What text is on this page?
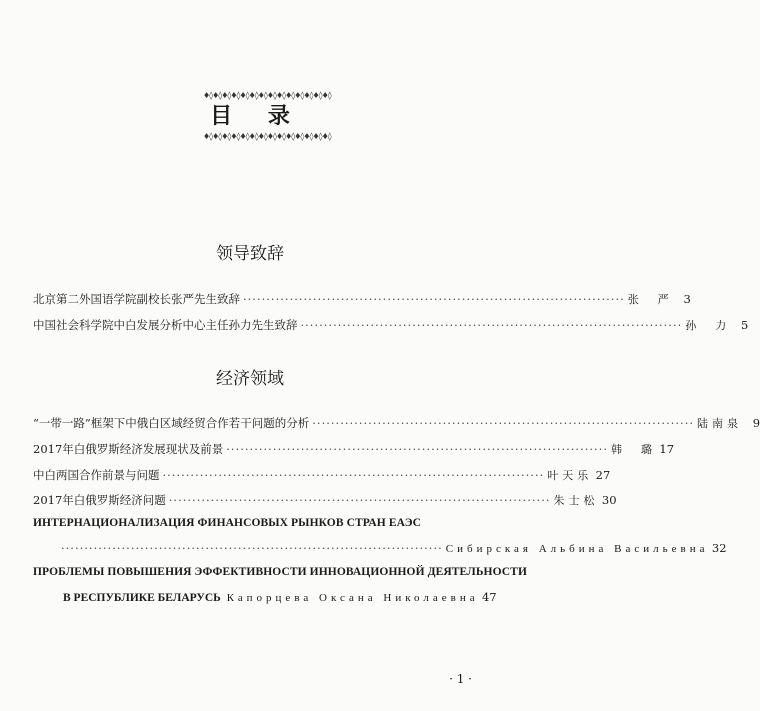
♦◊♦◊♦◊♦◊♦◊♦◊♦◊♦◊♦◊♦◊♦◊♦◊♦◊♦◊
目 录
♦◊♦◊♦◊♦◊♦◊♦◊♦◊♦◊♦◊♦◊♦◊♦◊♦◊♦◊
领导致辞
北京第二外国语学院副校长张严先生致辞 ·················································································· 张　严 3
中国社会科学院中白发展分析中心主任孙力先生致辞 ·················································································· 孙　力 5
经济领域
“一带一路”框架下中俄白区域经贸合作若干问题的分析 ·················································································· 陆南泉 9
2017年白俄罗斯经济发展现状及前景 ·················································································· 韩　璐 17
中白两国合作前景与问题 ·················································································· 叶天乐 27
2017年白俄罗斯经济问题 ·················································································· 朱士松 30
ИНТЕРНАЦИОНАЛИЗАЦИЯ ФИНАНСОВЫХ РЫНКОВ СТРАН ЕАЭС
·················································································· Сибирская Альбина Васильевна 32
ПРОБЛЕМЫ ПОВЫШЕНИЯ ЭФФЕКТИВНОСТИ ИННОВАЦИОННОЙ ДЕЯТЕЛЬНОСТИ
В РЕСПУБЛИКЕ БЕЛАРУСЬ Капорцева Оксана Николаевна 47
· 1 ·
